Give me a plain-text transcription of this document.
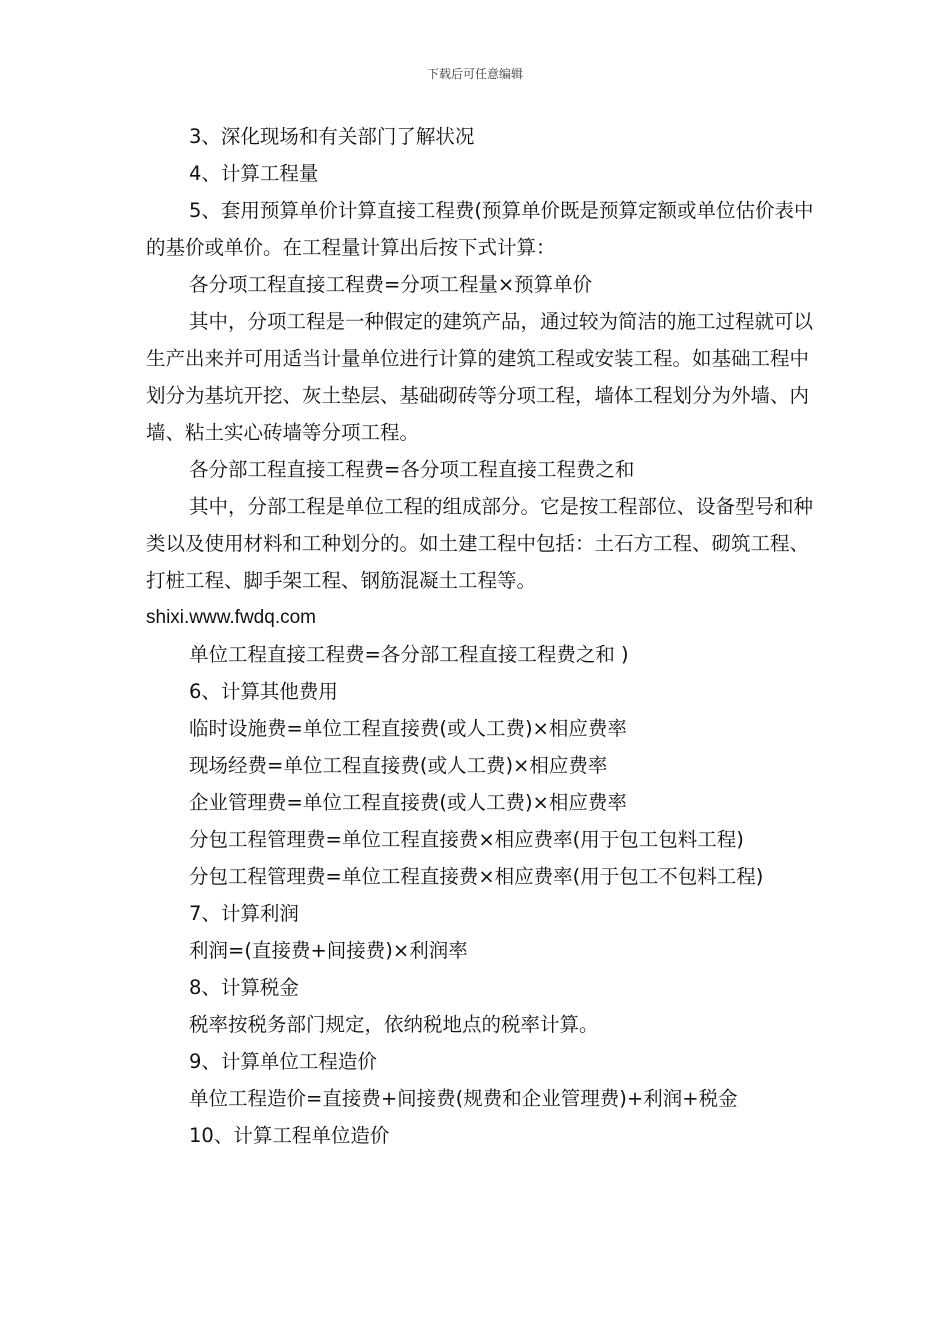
下载后可任意编辑

3、深化现场和有关部门了解状况

4、计算工程量

5、套用预算单价计算直接工程费(预算单价既是预算定额或单位估价表中的基价或单价。在工程量计算出后按下式计算：

各分项工程直接工程费=分项工程量×预算单价

其中，分项工程是一种假定的建筑产品，通过较为简洁的施工过程就可以生产出来并可用适当计量单位进行计算的建筑工程或安装工程。如基础工程中划分为基坑开挖、灰土垫层、基础砌砖等分项工程，墙体工程划分为外墙、内墙、粘土实心砖墙等分项工程。

各分部工程直接工程费=各分项工程直接工程费之和

其中，分部工程是单位工程的组成部分。它是按工程部位、设备型号和种类以及使用材料和工种划分的。如土建工程中包括：土石方工程、砌筑工程、打桩工程、脚手架工程、钢筋混凝土工程等。

shixi.www.fwdq.com

单位工程直接工程费=各分部工程直接工程费之和 )

6、计算其他费用

临时设施费=单位工程直接费(或人工费)×相应费率

现场经费=单位工程直接费(或人工费)×相应费率

企业管理费=单位工程直接费(或人工费)×相应费率

分包工程管理费=单位工程直接费×相应费率(用于包工包料工程)

分包工程管理费=单位工程直接费×相应费率(用于包工不包料工程)

7、计算利润

利润=(直接费+间接费)×利润率

8、计算税金

税率按税务部门规定，依纳税地点的税率计算。

9、计算单位工程造价

单位工程造价=直接费+间接费(规费和企业管理费)+利润+税金

10、计算工程单位造价
